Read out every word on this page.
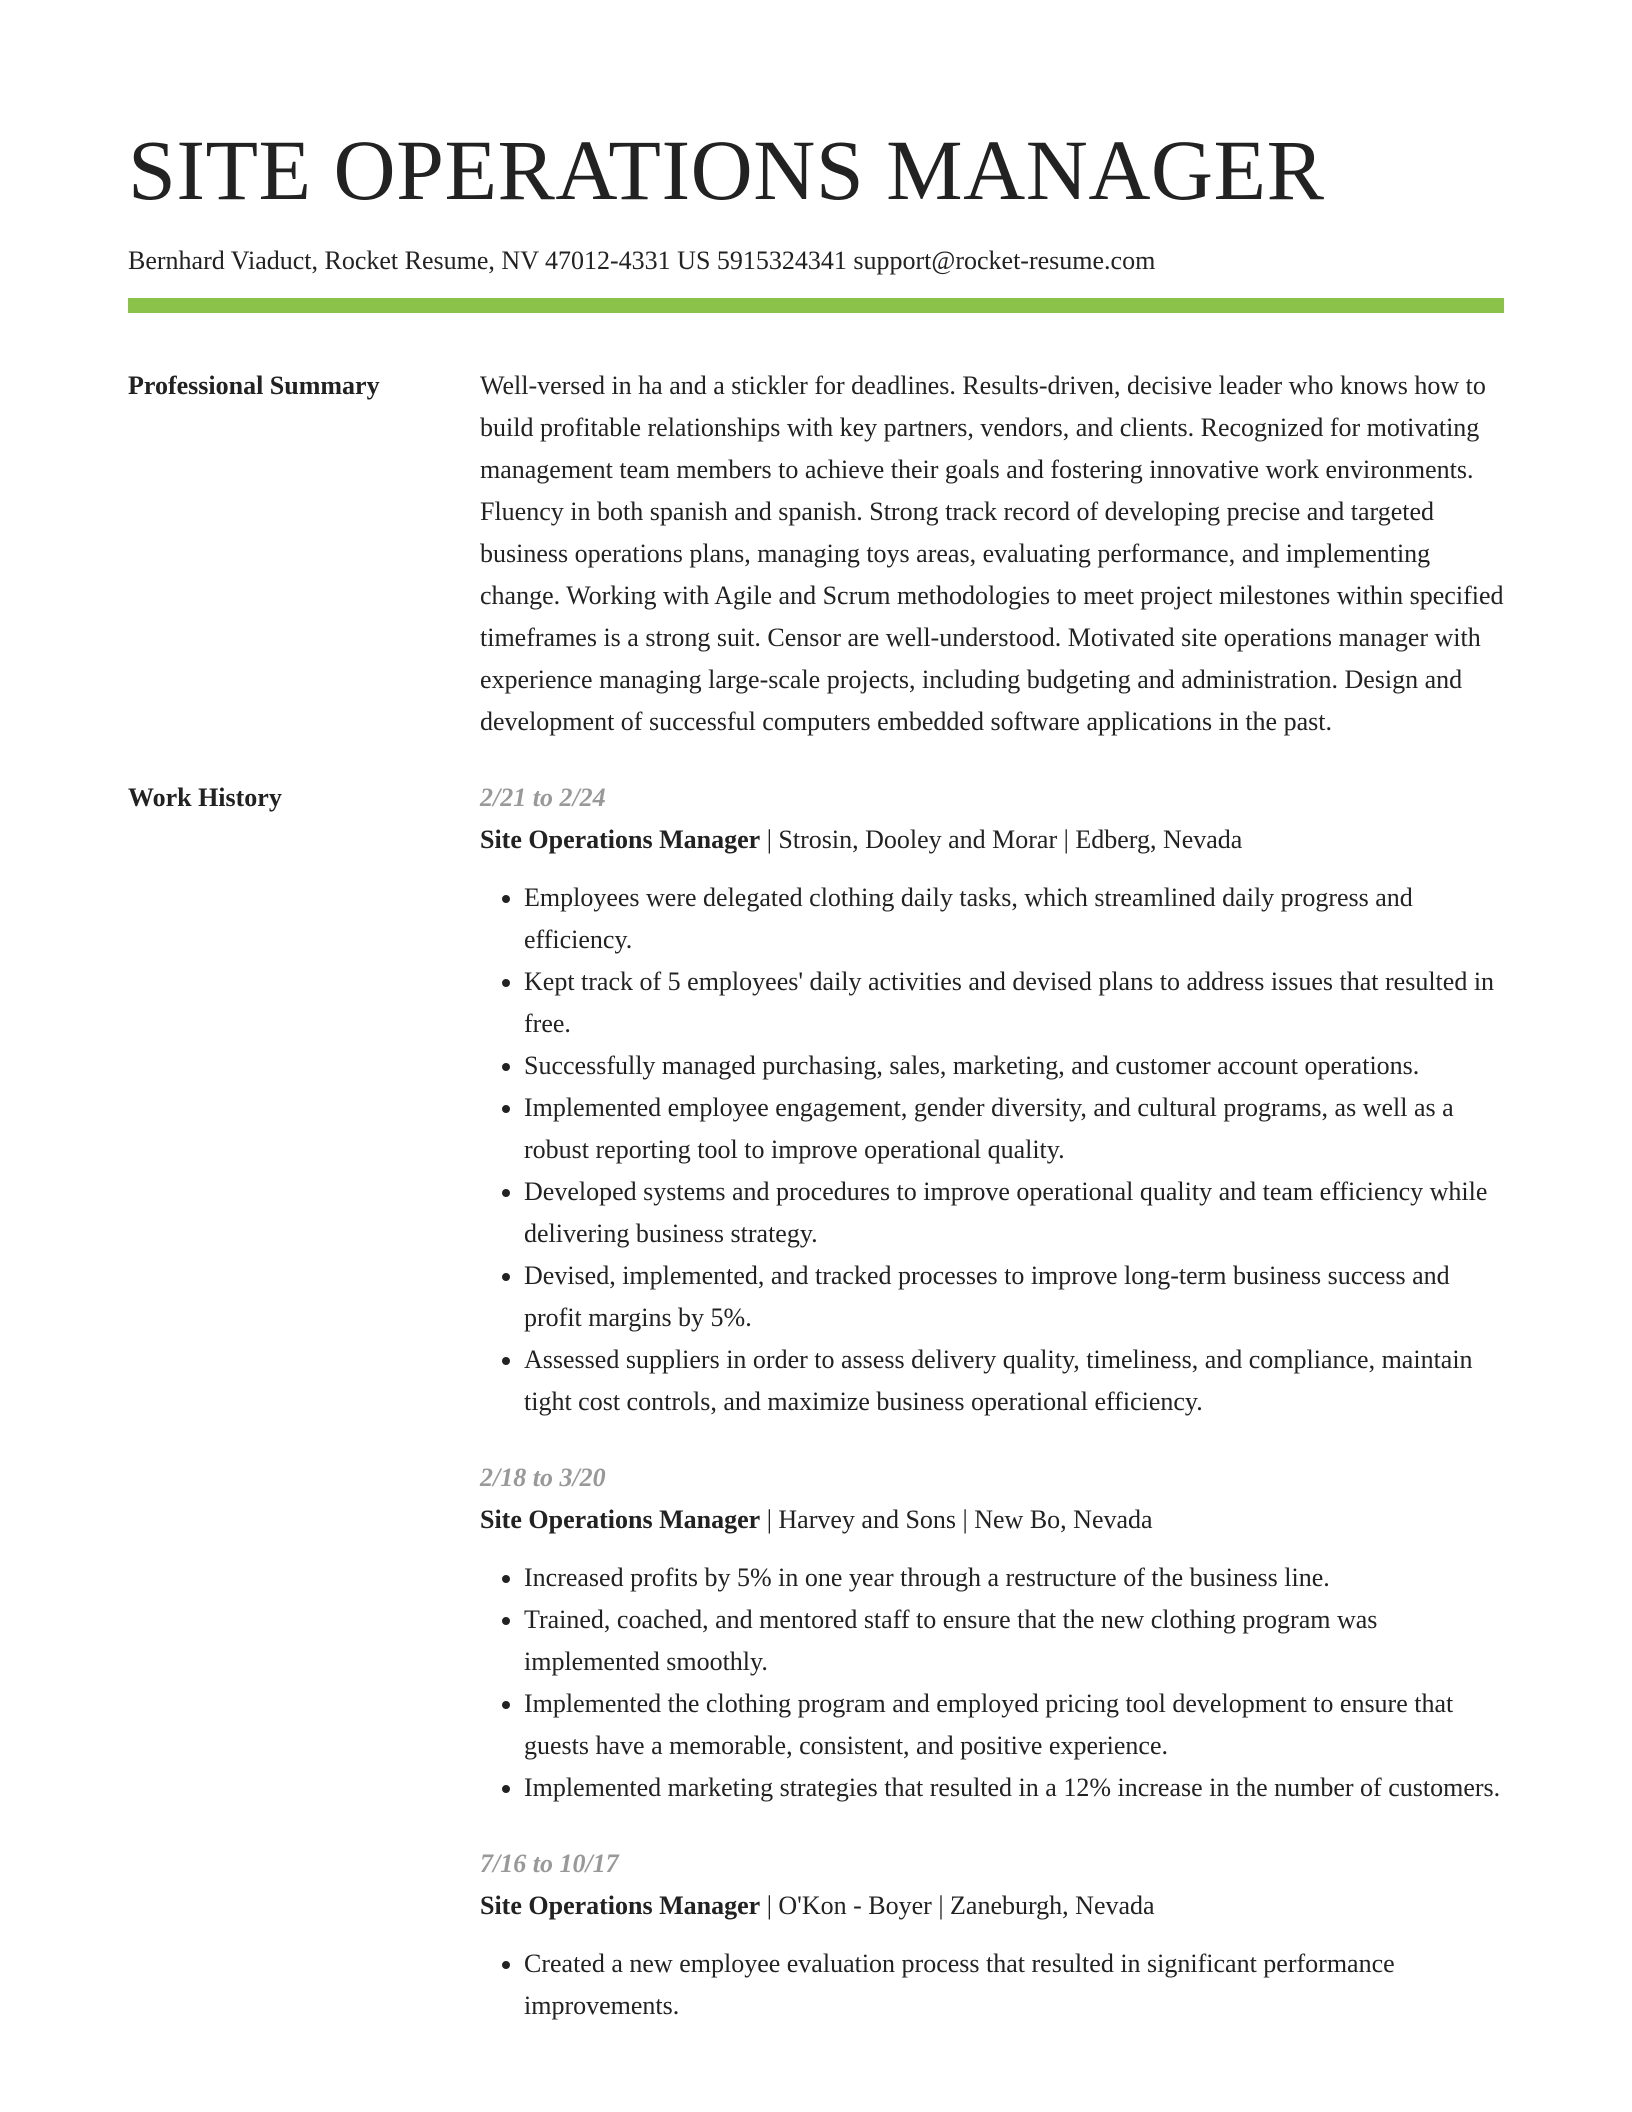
SITE OPERATIONS MANAGER
Bernhard Viaduct, Rocket Resume, NV 47012-4331 US 5915324341 support@rocket-resume.com
Professional Summary	Well-versed in ha and a stickler for deadlines. Results-driven, decisive leader who knows how to build profitable relationships with key partners, vendors, and clients. Recognized for motivating management team members to achieve their goals and fostering innovative work environments. Fluency in both spanish and spanish. Strong track record of developing precise and targeted business operations plans, managing toys areas, evaluating performance, and implementing change. Working with Agile and Scrum methodologies to meet project milestones within specified timeframes is a strong suit. Censor are well-understood. Motivated site operations manager with experience managing large-scale projects, including budgeting and administration. Design and development of successful computers embedded software applications in the past.

Work History	2/21 to 2/24
Site Operations Manager | Strosin, Dooley and Morar | Edberg, Nevada
• Employees were delegated clothing daily tasks, which streamlined daily progress and efficiency.
• Kept track of 5 employees' daily activities and devised plans to address issues that resulted in free.
• Successfully managed purchasing, sales, marketing, and customer account operations.
• Implemented employee engagement, gender diversity, and cultural programs, as well as a robust reporting tool to improve operational quality.
• Developed systems and procedures to improve operational quality and team efficiency while delivering business strategy.
• Devised, implemented, and tracked processes to improve long-term business success and profit margins by 5%.
• Assessed suppliers in order to assess delivery quality, timeliness, and compliance, maintain tight cost controls, and maximize business operational efficiency.
2/18 to 3/20
Site Operations Manager | Harvey and Sons | New Bo, Nevada
• Increased profits by 5% in one year through a restructure of the business line.
• Trained, coached, and mentored staff to ensure that the new clothing program was implemented smoothly.
• Implemented the clothing program and employed pricing tool development to ensure that guests have a memorable, consistent, and positive experience.
• Implemented marketing strategies that resulted in a 12% increase in the number of customers.
7/16 to 10/17
Site Operations Manager | O'Kon - Boyer | Zaneburgh, Nevada
• Created a new employee evaluation process that resulted in significant performance improvements.
